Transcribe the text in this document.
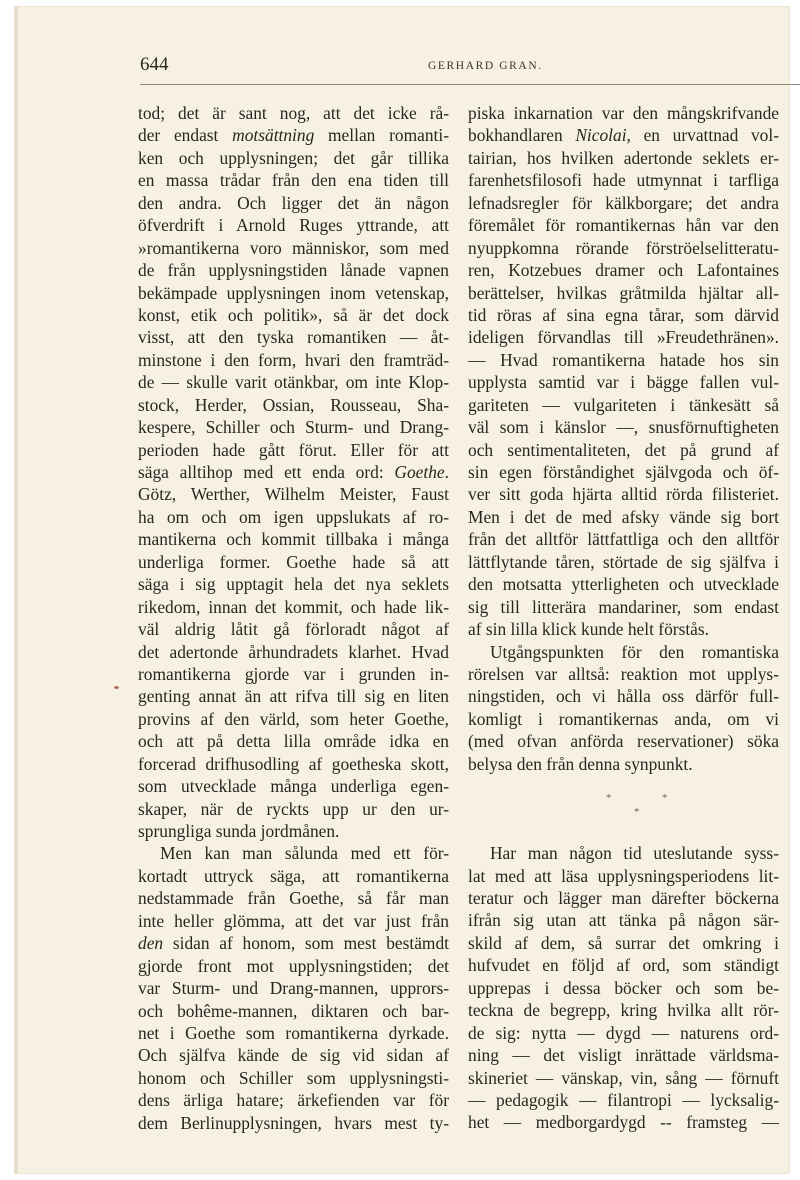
644	GERHARD GRAN.
tod; det är sant nog, att det icke rå-
der endast motsättning mellan romanti-
ken och upplysningen; det går tillika
en massa trådar från den ena tiden till
den andra. Och ligger det än någon
öfverdrift i Arnold Ruges yttrande, att
»romantikerna voro människor, som med
de från upplysningstiden lånade vapnen
bekämpade upplysningen inom vetenskap,
konst, etik och politik», så är det dock
visst, att den tyska romantiken — åt-
minstone i den form, hvari den framträd-
de — skulle varit otänkbar, om inte Klop-
stock, Herder, Ossian, Rousseau, Sha-
kespere, Schiller och Sturm- und Drang-
perioden hade gått förut. Eller för att
säga alltihop med ett enda ord: Goethe.
Götz, Werther, Wilhelm Meister, Faust
ha om och om igen uppslukats af ro-
mantikerna och kommit tillbaka i många
underliga former. Goethe hade så att
säga i sig upptagit hela det nya seklets
rikedom, innan det kommit, och hade lik-
väl aldrig låtit gå förloradt något af
det adertonde århundradets klarhet. Hvad
romantikerna gjorde var i grunden in-
genting annat än att rifva till sig en liten
provins af den värld, som heter Goethe,
och att på detta lilla område idka en
forcerad drifhusodling af goetheska skott,
som utvecklade många underliga egen-
skaper, när de ryckts upp ur den ur-
sprungliga sunda jordmånen.
Men kan man sålunda med ett för-
kortadt uttryck säga, att romantikerna
nedstammade från Goethe, så får man
inte heller glömma, att det var just från
den sidan af honom, som mest bestämdt
gjorde front mot upplysningstiden; det
var Sturm- und Drang-mannen, upprors-
och bohême-mannen, diktaren och bar-
net i Goethe som romantikerna dyrkade.
Och själfva kände de sig vid sidan af
honom och Schiller som upplysningsti-
dens ärliga hatare; ärkefienden var för
dem Berlinupplysningen, hvars mest ty-
piska inkarnation var den mångskrifvande
bokhandlaren Nicolai, en urvattnad vol-
tairian, hos hvilken adertonde seklets er-
farenhetsfilosofi hade utmynnat i tarfliga
lefnadsregler för kälkborgare; det andra
föremålet för romantikernas hån var den
nyuppkomna rörande förströelselitteratu-
ren, Kotzebues dramer och Lafontaines
berättelser, hvilkas gråtmilda hjältar all-
tid röras af sina egna tårar, som därvid
ideligen förvandlas till »Freudethränen».
— Hvad romantikerna hatade hos sin
upplysta samtid var i bägge fallen vul-
gariteten — vulgariteten i tänkesätt så
väl som i känslor —, snusförnuftigheten
och sentimentaliteten, det på grund af
sin egen förståndighet självgoda och öf-
ver sitt goda hjärta alltid rörda filisteriet.
Men i det de med afsky vände sig bort
från det alltför lättfattliga och den alltför
lättflytande tåren, störtade de sig själfva i
den motsatta ytterligheten och utvecklade
sig till litterära mandariner, som endast
af sin lilla klick kunde helt förstås.
Utgångspunkten för den romantiska
rörelsen var alltså: reaktion mot upplys-
ningstiden, och vi hålla oss därför full-
komligt i romantikernas anda, om vi
(med ofvan anförda reservationer) söka
belysa den från denna synpunkt.
*	*
*
Har man någon tid uteslutande syss-
lat med att läsa upplysningsperiodens lit-
teratur och lägger man därefter böckerna
ifrån sig utan att tänka på någon sär-
skild af dem, så surrar det omkring i
hufvudet en följd af ord, som ständigt
upprepas i dessa böcker och som be-
teckna de begrepp, kring hvilka allt rör-
de sig: nytta — dygd — naturens ord-
ning — det visligt inrättade världsma-
skineriet — vänskap, vin, sång — förnuft
— pedagogik — filantropi — lycksalig-
het — medborgardygd -- framsteg —
